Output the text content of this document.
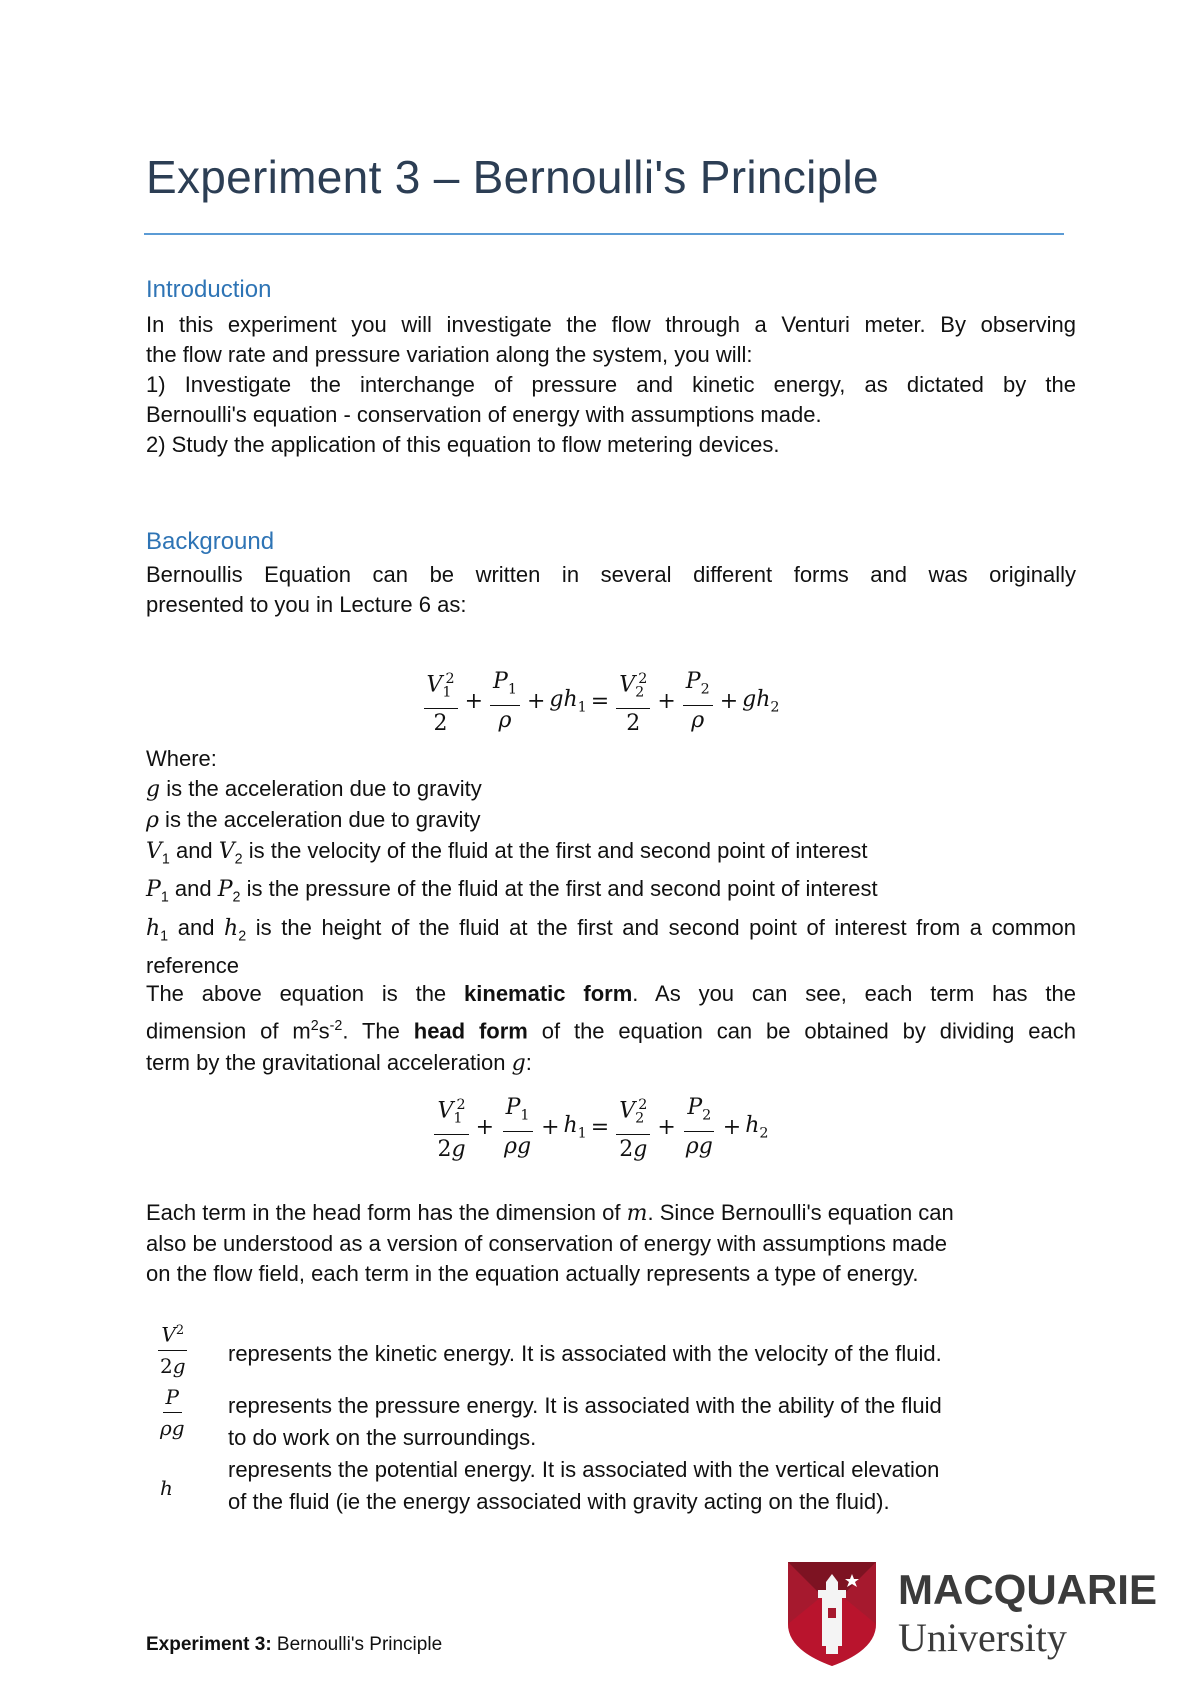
Experiment 3 – Bernoulli's Principle
Introduction
In this experiment you will investigate the flow through a Venturi meter. By observing
the flow rate and pressure variation along the system, you will:
1) Investigate the interchange of pressure and kinetic energy, as dictated by the
Bernoulli's equation - conservation of energy with assumptions made.
2) Study the application of this equation to flow metering devices.
Background
Bernoullis Equation can be written in several different forms and was originally
presented to you in Lecture 6 as:
$\frac{V_1^2}{2} + \frac{P_1}{\rho} + gh_1 = \frac{V_2^2}{2} + \frac{P_2}{\rho} + gh_2$
Where:
g is the acceleration due to gravity
ρ is the acceleration due to gravity
$V_1$ and $V_2$ is the velocity of the fluid at the first and second point of interest
$P_1$ and $P_2$ is the pressure of the fluid at the first and second point of interest
$h_1$ and $h_2$ is the height of the fluid at the first and second point of interest from a common
reference
The above equation is the kinematic form. As you can see, each term has the
dimension of $m^2s^{-2}$. The head form of the equation can be obtained by dividing each
term by the gravitational acceleration g:
$\frac{V_1^2}{2g} + \frac{P_1}{\rho g} + h_1 = \frac{V_2^2}{2g} + \frac{P_2}{\rho g} + h_2$
Each term in the head form has the dimension of m. Since Bernoulli's equation can
also be understood as a version of conservation of energy with assumptions made
on the flow field, each term in the equation actually represents a type of energy.
$\frac{V^2}{2g}$ represents the kinetic energy. It is associated with the velocity of the fluid.
$\frac{P}{\rho g}$ represents the pressure energy. It is associated with the ability of the fluid
to do work on the surroundings.
h
represents the potential energy. It is associated with the vertical elevation
of the fluid (ie the energy associated with gravity acting on the fluid).
MACQUARIE
University
Experiment 3: Bernoulli's Principle
